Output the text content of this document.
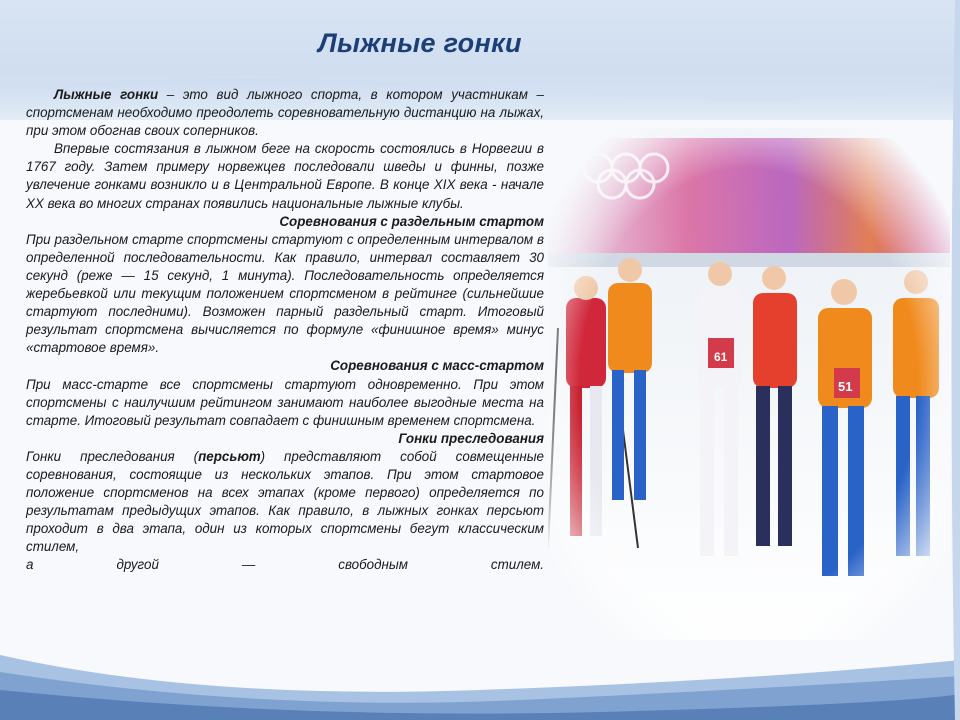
Лыжные гонки

Лыжные гонки – это вид лыжного спорта, в котором участникам – спортсменам необходимо преодолеть соревновательную дистанцию на лыжах, при этом обогнав своих соперников.

Впервые состязания в лыжном беге на скорость состоялись в Норвегии в 1767 году. Затем примеру норвежцев последовали шведы и финны, позже увлечение гонками возникло и в Центральной Европе. В конце XIX века - начале XX века во многих странах появились национальные лыжные клубы.

Соревнования с раздельным стартом

При раздельном старте спортсмены стартуют с определенным интервалом в определенной последовательности. Как правило, интервал составляет 30 секунд (реже — 15 секунд, 1 минута). Последовательность определяется жеребьевкой или текущим положением спортсменом в рейтинге (сильнейшие стартуют последними). Возможен парный раздельный старт. Итоговый результат спортсмена вычисляется по формуле «финишное время» минус «стартовое время».

Соревнования с масс-стартом

При масс-старте все спортсмены стартуют одновременно. При этом спортсмены с наилучшим рейтингом занимают наиболее выгодные места на старте. Итоговый результат совпадает с финишным временем спортсмена.

Гонки преследования

Гонки преследования (персьют) представляют собой совмещенные соревнования, состоящие из нескольких этапов. При этом стартовое положение спортсменов на всех этапах (кроме первого) определяется по результатам предыдущих этапов. Как правило, в лыжных гонках персьют проходит в два этапа, один из которых спортсмены бегут классическим стилем,

а	другой	—	свободным	стилем.
